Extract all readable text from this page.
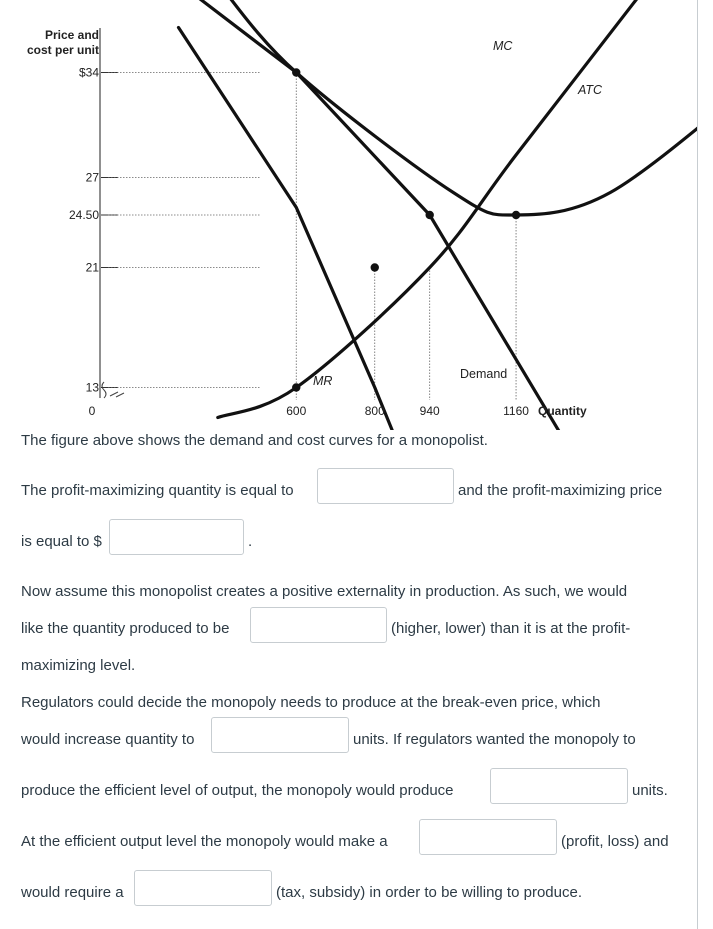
Price and
cost per unit
$34
27
24.50
21
13
600	800	940	1160
MC
ATC
Demand
MR
0	Quantity
The figure above shows the demand and cost curves for a monopolist.
The profit-maximizing quantity is equal to	and the profit-maximizing price
is equal to $	.
Now assume this monopolist creates a positive externality in production. As such, we would
like the quantity produced to be	(higher, lower) than it is at the profit-
maximizing level.
Regulators could decide the monopoly needs to produce at the break-even price, which
would increase quantity to	units. If regulators wanted the monopoly to
produce the efficient level of output, the monopoly would produce	units.
At the efficient output level the monopoly would make a	(profit, loss) and
would require a	(tax, subsidy) in order to be willing to produce.
